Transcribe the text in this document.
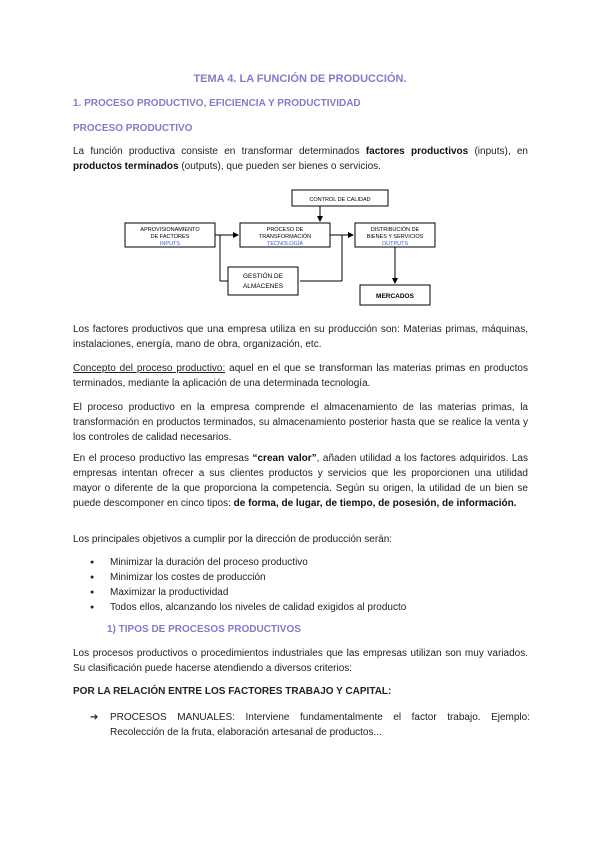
TEMA 4. LA FUNCIÓN DE PRODUCCIÓN.
1. PROCESO PRODUCTIVO, EFICIENCIA Y PRODUCTIVIDAD
PROCESO PRODUCTIVO
La función productiva consiste en transformar determinados factores productivos (inputs), en productos terminados (outputs), que pueden ser bienes o servicios.
CONTROL DE CALIDAD
APROVISIONAMIENTO
DE FACTORES
INPUTS
PROCESO DE
TRANSFORMACIÓN
TECNOLOGÍA
DISTRIBUCIÓN DE
BIENES Y SERVICIOS
OUTPUTS
GESTIÓN DE
ALMACENES
MERCADOS
Los factores productivos que una empresa utiliza en su producción son: Materias primas, máquinas, instalaciones, energía, mano de obra, organización, etc.
Concepto del proceso productivo: aquel en el que se transforman las materias primas en productos terminados, mediante la aplicación de una determinada tecnología.
El proceso productivo en la empresa comprende el almacenamiento de las materias primas, la transformación en productos terminados, su almacenamiento posterior hasta que se realice la venta y los controles de calidad necesarios.
En el proceso productivo las empresas “crean valor”, añaden utilidad a los factores adquiridos. Las empresas intentan ofrecer a sus clientes productos y servicios que les proporcionen una utilidad mayor o diferente de la que proporciona la competencia. Según su origen, la utilidad de un bien se puede descomponer en cinco tipos: de forma, de lugar, de tiempo, de posesión, de información.
Los principales objetivos a cumplir por la dirección de producción serán:
● Minimizar la duración del proceso productivo
● Minimizar los costes de producción
● Maximizar la productividad
● Todos ellos, alcanzando los niveles de calidad exigidos al producto
1) TIPOS DE PROCESOS PRODUCTIVOS
Los procesos productivos o procedimientos industriales que las empresas utilizan son muy variados. Su clasificación puede hacerse atendiendo a diversos criterios:
POR LA RELACIÓN ENTRE LOS FACTORES TRABAJO Y CAPITAL:
➔ PROCESOS MANUALES: Interviene fundamentalmente el factor trabajo. Ejemplo: Recolección de la fruta, elaboración artesanal de productos...
